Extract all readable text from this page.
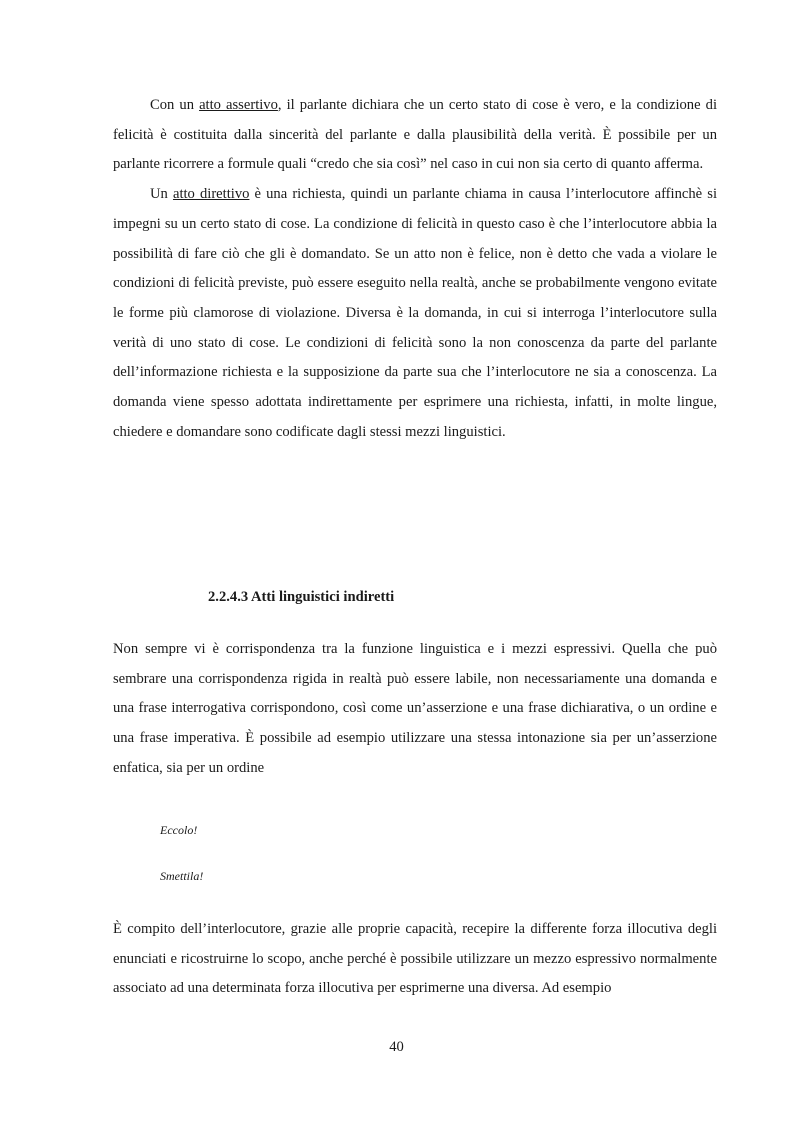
Con un atto assertivo, il parlante dichiara che un certo stato di cose è vero, e la condizione di felicità è costituita dalla sincerità del parlante e dalla plausibilità della verità. È possibile per un parlante ricorrere a formule quali “credo che sia così” nel caso in cui non sia certo di quanto afferma.

Un atto direttivo è una richiesta, quindi un parlante chiama in causa l’interlocutore affinchè si impegni su un certo stato di cose. La condizione di felicità in questo caso è che l’interlocutore abbia la possibilità di fare ciò che gli è domandato. Se un atto non è felice, non è detto che vada a violare le condizioni di felicità previste, può essere eseguito nella realtà, anche se probabilmente vengono evitate le forme più clamorose di violazione. Diversa è la domanda, in cui si interroga l’interlocutore sulla verità di uno stato di cose. Le condizioni di felicità sono la non conoscenza da parte del parlante dell’informazione richiesta e la supposizione da parte sua che l’interlocutore ne sia a conoscenza. La domanda viene spesso adottata indirettamente per esprimere una richiesta, infatti, in molte lingue, chiedere e domandare sono codificate dagli stessi mezzi linguistici.

2.2.4.3 Atti linguistici indiretti

Non sempre vi è corrispondenza tra la funzione linguistica e i mezzi espressivi. Quella che può sembrare una corrispondenza rigida in realtà può essere labile, non necessariamente una domanda e una frase interrogativa corrispondono, così come un’asserzione e una frase dichiarativa, o un ordine e una frase imperativa. È possibile ad esempio utilizzare una stessa intonazione sia per un’asserzione enfatica, sia per un ordine

Eccolo!

Smettila!

È compito dell’interlocutore, grazie alle proprie capacità, recepire la differente forza illocutiva degli enunciati e ricostruirne lo scopo, anche perché è possibile utilizzare un mezzo espressivo normalmente associato ad una determinata forza illocutiva per esprimerne una diversa. Ad esempio

40
